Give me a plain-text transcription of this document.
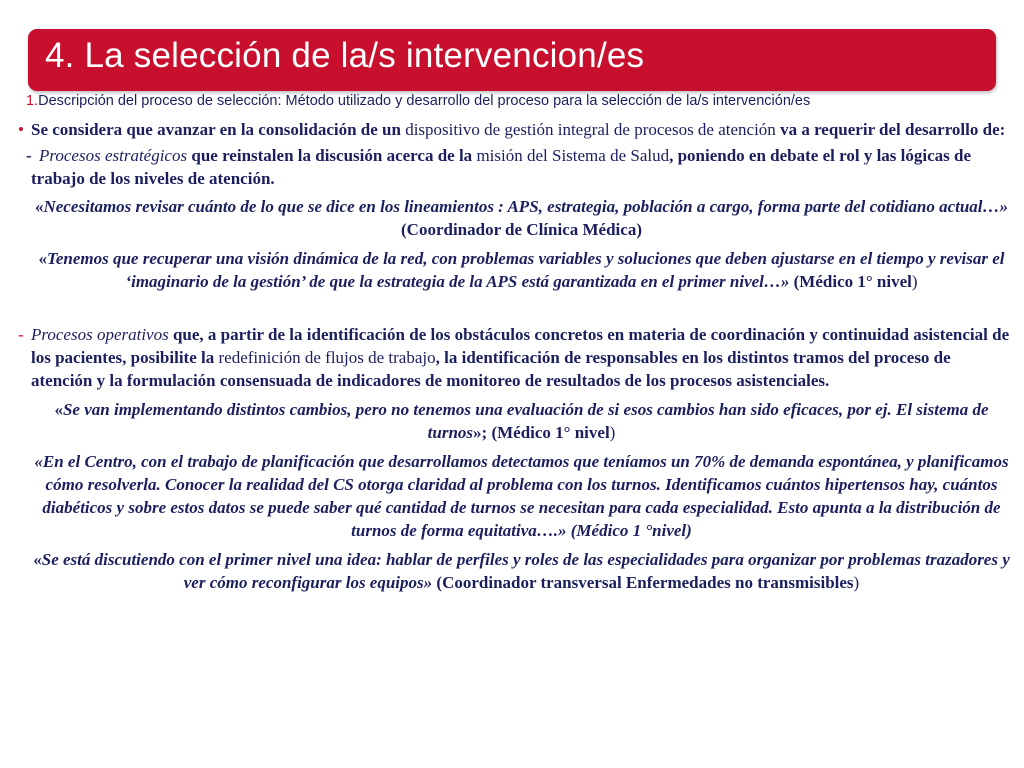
4. La selección de la/s intervencion/es
1.Descripción del proceso de selección: Método utilizado y desarrollo del proceso para la selección de la/s intervención/es
• Se considera que avanzar en la consolidación de un dispositivo de gestión integral de procesos de atención va a requerir del desarrollo de:
- Procesos estratégicos que reinstalen la discusión acerca de la misión del Sistema de Salud, poniendo en debate el rol y las lógicas de trabajo de los niveles de atención.
«Necesitamos revisar cuánto de lo que se dice en los lineamientos : APS, estrategia, población a cargo, forma parte del cotidiano actual…» (Coordinador de Clínica Médica)
«Tenemos que recuperar una visión dinámica de la red, con problemas variables y soluciones que deben ajustarse en el tiempo y revisar el ‘imaginario de la gestión’ de que la estrategia de la APS está garantizada en el primer nivel…» (Médico 1° nivel)
- Procesos operativos que, a partir de la identificación de los obstáculos concretos en materia de coordinación y continuidad asistencial de los pacientes, posibilite la redefinición de flujos de trabajo, la identificación de responsables en los distintos tramos del proceso de atención y la formulación consensuada de indicadores de monitoreo de resultados de los procesos asistenciales.
«Se van implementando distintos cambios, pero no tenemos una evaluación de si esos cambios han sido eficaces, por ej. El sistema de turnos»; (Médico 1° nivel)
«En el Centro, con el trabajo de planificación que desarrollamos detectamos que teníamos un 70% de demanda espontánea, y planificamos cómo resolverla. Conocer la realidad del CS otorga claridad al problema con los turnos. Identificamos cuántos hipertensos hay, cuántos diabéticos y sobre estos datos se puede saber qué cantidad de turnos se necesitan para cada especialidad. Esto apunta a la distribución de turnos de forma equitativa….» (Médico 1 °nivel)
«Se está discutiendo con el primer nivel una idea: hablar de perfiles y roles de las especialidades para organizar por problemas trazadores y ver cómo reconfigurar los equipos» (Coordinador transversal Enfermedades no transmisibles)
